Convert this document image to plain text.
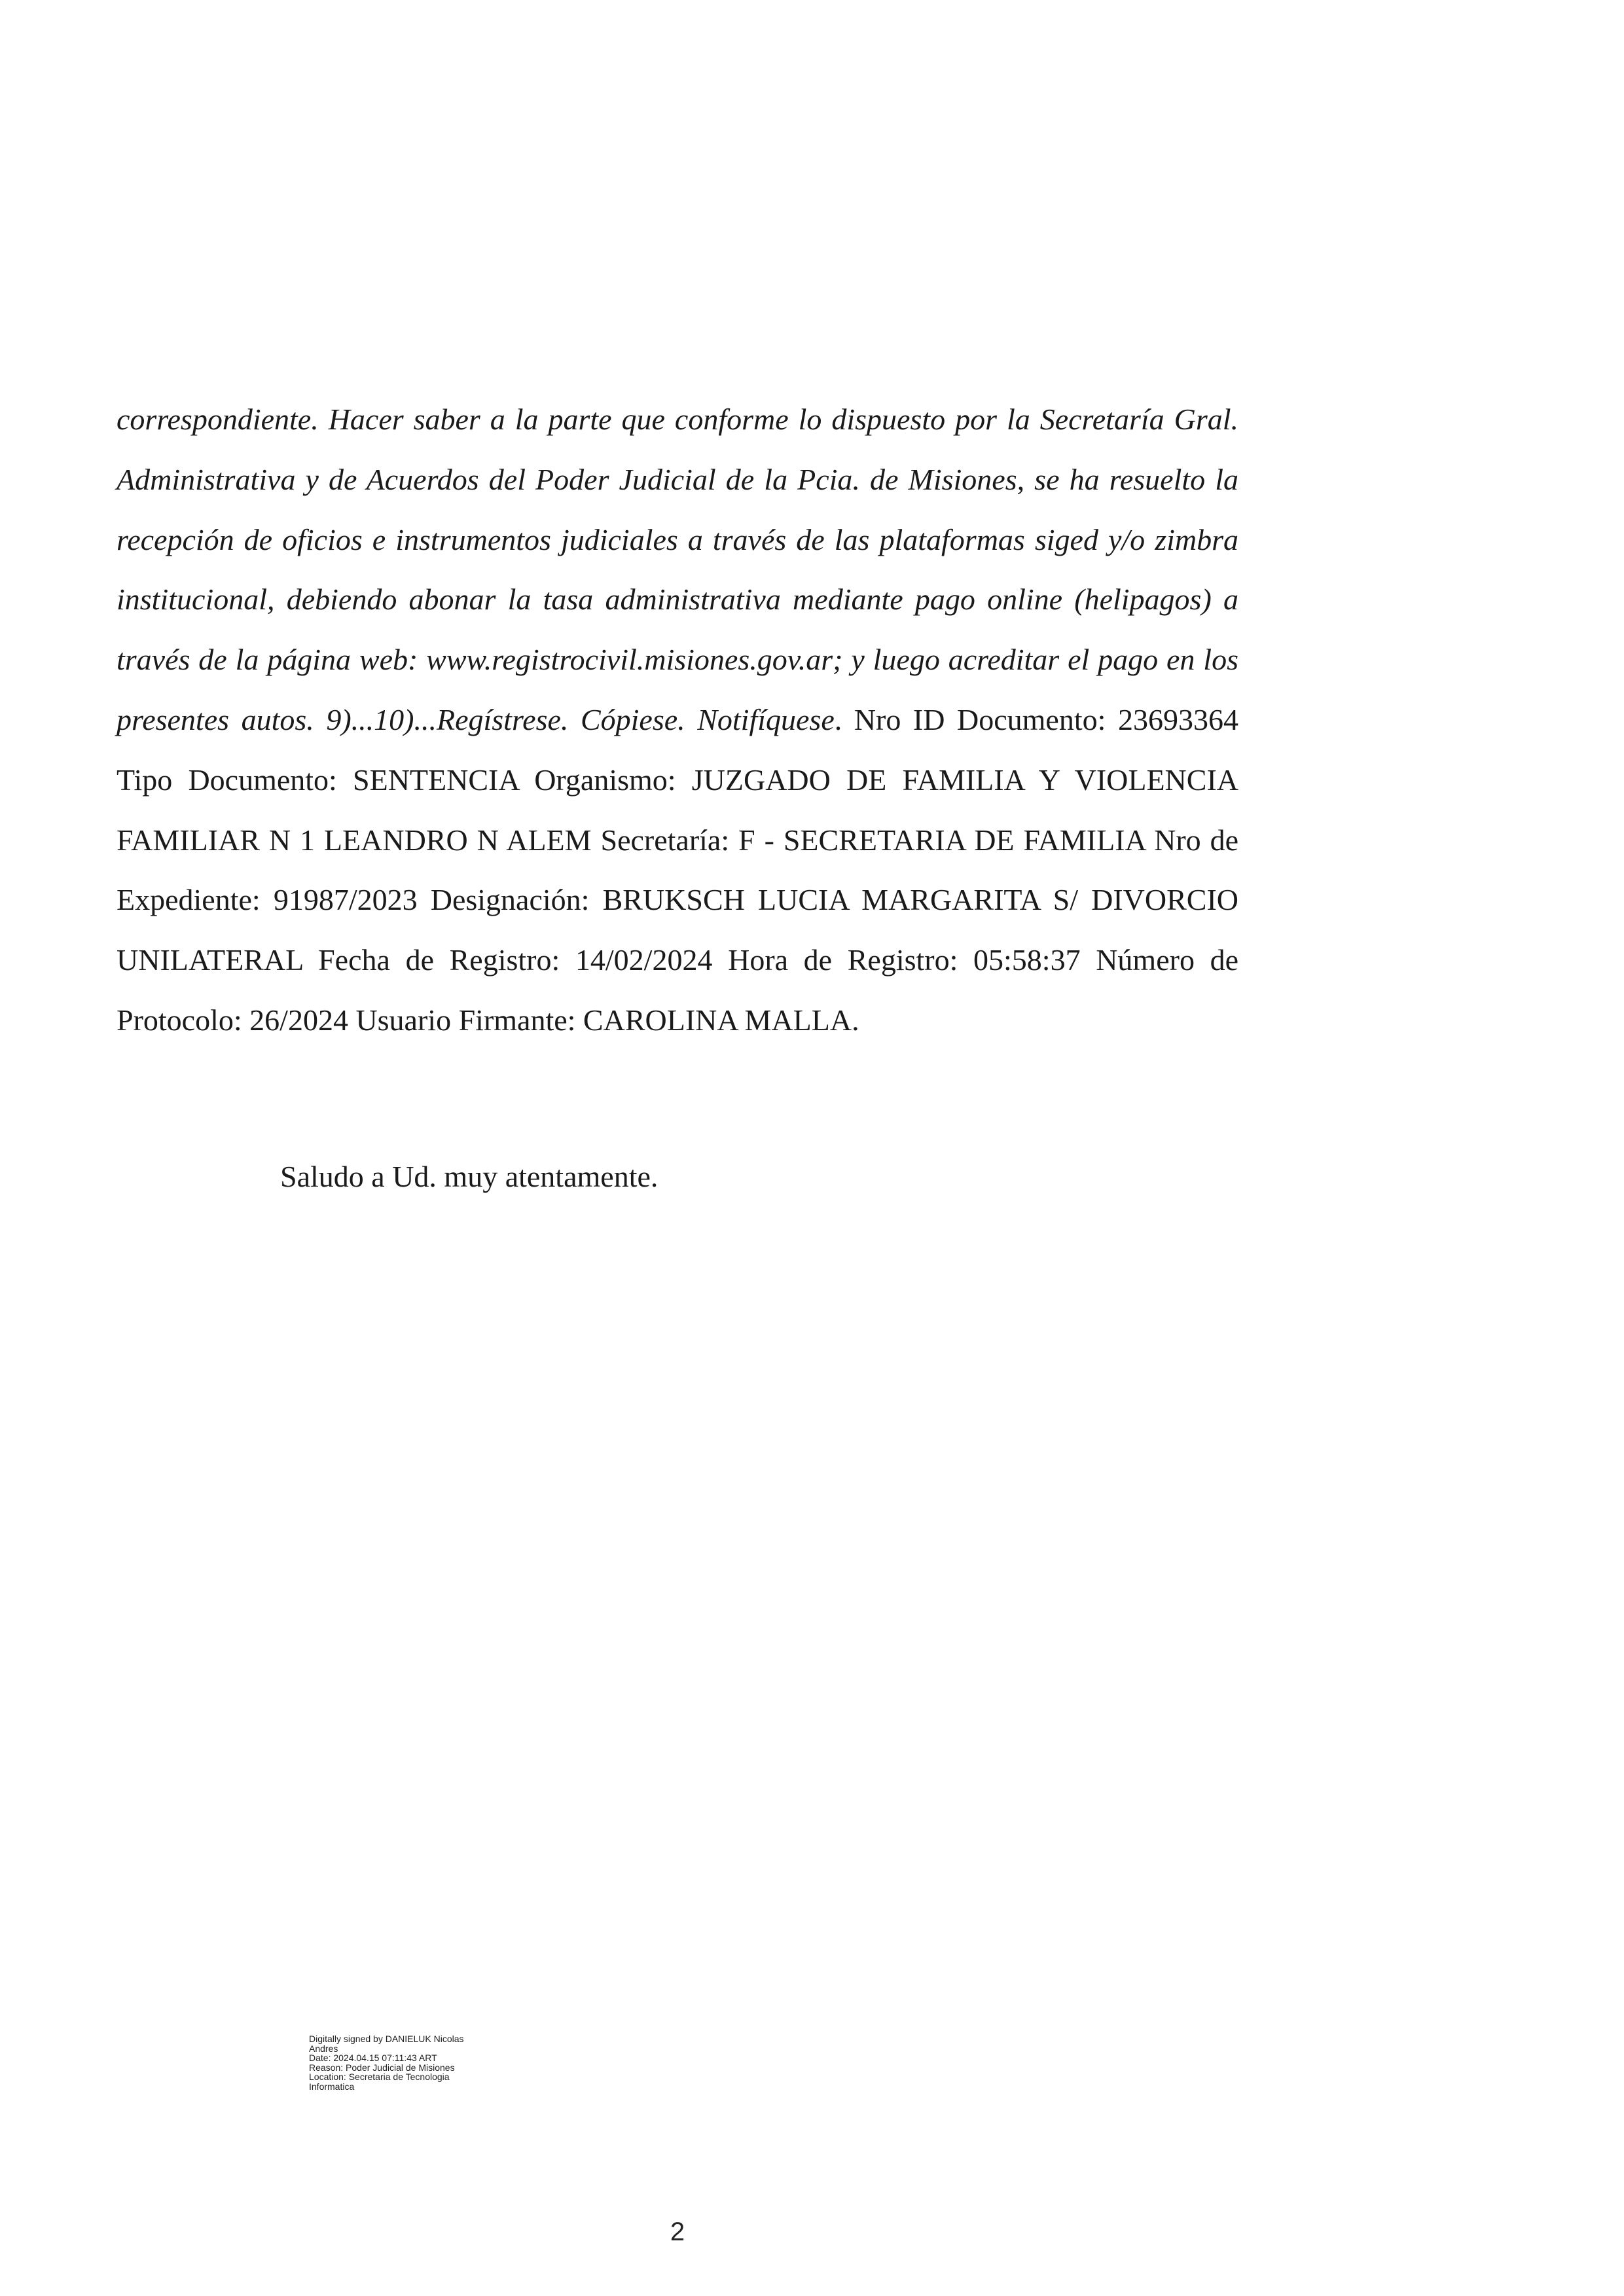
correspondiente. Hacer saber a la parte que conforme lo dispuesto por la Secretaría Gral. Administrativa y de Acuerdos del Poder Judicial de la Pcia. de Misiones, se ha resuelto la recepción de oficios e instrumentos judiciales a través de las plataformas siged y/o zimbra institucional, debiendo abonar la tasa administrativa mediante pago online (helipagos) a través de la página web: www.registrocivil.misiones.gov.ar; y luego acreditar el pago en los presentes autos. 9)...10)...Regístrese. Cópiese. Notifíquese. Nro ID Documento: 23693364 Tipo Documento: SENTENCIA Organismo: JUZGADO DE FAMILIA Y VIOLENCIA FAMILIAR N 1 LEANDRO N ALEM Secretaría: F - SECRETARIA DE FAMILIA Nro de Expediente: 91987/2023 Designación: BRUKSCH LUCIA MARGARITA S/ DIVORCIO UNILATERAL Fecha de Registro: 14/02/2024 Hora de Registro: 05:58:37 Número de Protocolo: 26/2024 Usuario Firmante: CAROLINA MALLA.

Saludo a Ud. muy atentamente.

Digitally signed by DANIELUK Nicolas
Andres
Date: 2024.04.15 07:11:43 ART
Reason: Poder Judicial de Misiones
Location: Secretaria de Tecnologia
Informatica
2
